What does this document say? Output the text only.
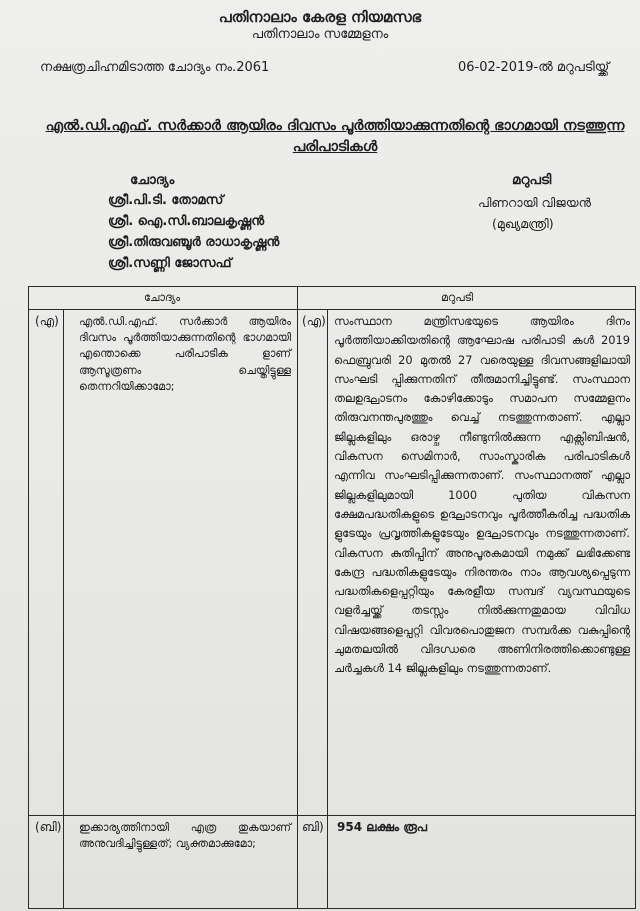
പതിനാലാം കേരള നിയമസഭ
പതിനാലാം സമ്മേളനം
നക്ഷത്രചിഹ്നമിടാത്ത ചോദ്യം നം.2061	06-02-2019-ൽ മറുപടിയ്ക്ക്
എൽ.ഡി.എഫ്. സർക്കാർ ആയിരം ദിവസം പൂർത്തിയാക്കുന്നതിന്റെ ഭാഗമായി നടത്തുന്ന പരിപാടികൾ
ചോദ്യം	മറുപടി
ശ്രീ.പി.ടി. തോമസ്
ശ്രീ. ഐ.സി.ബാലകൃഷ്ണൻ
ശ്രീ.തിരുവഞ്ചൂർ രാധാകൃഷ്ണൻ
ശ്രീ.സണ്ണി ജോസഫ്
പിണറായി വിജയൻ
(മുഖ്യമന്ത്രി)
ചോദ്യം	മറുപടി
(എ) എൽ.ഡി.എഫ്. സർക്കാർ ആയിരം ദിവസം പൂർത്തിയാക്കുന്നതിന്റെ ഭാഗമായി എന്തൊക്കെ പരിപാടിക ളാണ് ആസൂത്രണം ചെയ്തിട്ടുള്ള തെന്നറിയിക്കാമോ;
(എ) സംസ്ഥാന മന്ത്രിസഭയുടെ ആയിരം ദിനം പൂർത്തിയാക്കിയതിന്റെ ആഘോഷ പരിപാടി കൾ 2019 ഫെബ്രുവരി 20 മുതൽ 27 വരെയുള്ള ദിവസങ്ങളിലായി സംഘടി പ്പിക്കുന്നതിന് തീരുമാനിച്ചിട്ടുണ്ട്. സംസ്ഥാന തലഉദ്ഘാടനം കോഴിക്കോടും സമാപന സമ്മേളനം തിരുവനന്തപുരത്തും വെച്ച് നടത്തുന്നതാണ്. എല്ലാ ജില്ലകളിലും ഒരാഴ്ച നീണ്ടുനിൽക്കുന്ന എക്സിബിഷൻ, വികസന സെമിനാർ, സാംസ്കാരിക പരിപാടികൾ എന്നിവ സംഘടിപ്പിക്കുന്നതാണ്. സംസ്ഥാനത്ത് എല്ലാ ജില്ലകളിലുമായി 1000 പുതിയ വികസന ക്ഷേമപദ്ധതികളുടെ ഉദ്ഘാടനവും പൂർത്തീകരിച്ച പദ്ധതിക ളുടേയും പ്രവൃത്തികളുടേയും ഉദ്ഘാടനവും നടത്തുന്നതാണ്. വികസന കുതിപ്പിന് അനുപൂരകമായി നമുക്ക് ലഭിക്കേണ്ട കേന്ദ്ര പദ്ധതികളുടേയും നിരന്തരം നാം ആവശ്യപ്പെടുന്ന പദ്ധതികളെപ്പറ്റിയും കേരളീയ സമ്പദ് വ്യവസ്ഥയുടെ വളർച്ചയ്ക്ക് തടസ്സം നിൽക്കുന്നതുമായ വിവിധ വിഷയങ്ങളെപ്പറ്റി വിവരപൊതുജന സമ്പർക്ക വകുപ്പിന്റെ ചുമതലയിൽ വിദഗ്ധരെ അണിനിരത്തിക്കൊണ്ടുള്ള ചർച്ചകൾ 14 ജില്ലകളിലും നടത്തുന്നതാണ്.
(ബി) ഇക്കാര്യത്തിനായി എത്ര തുകയാണ് അനുവദിച്ചിട്ടുള്ളത്; വ്യക്തമാക്കുമോ;
ബി) 954 ലക്ഷം രൂപ
